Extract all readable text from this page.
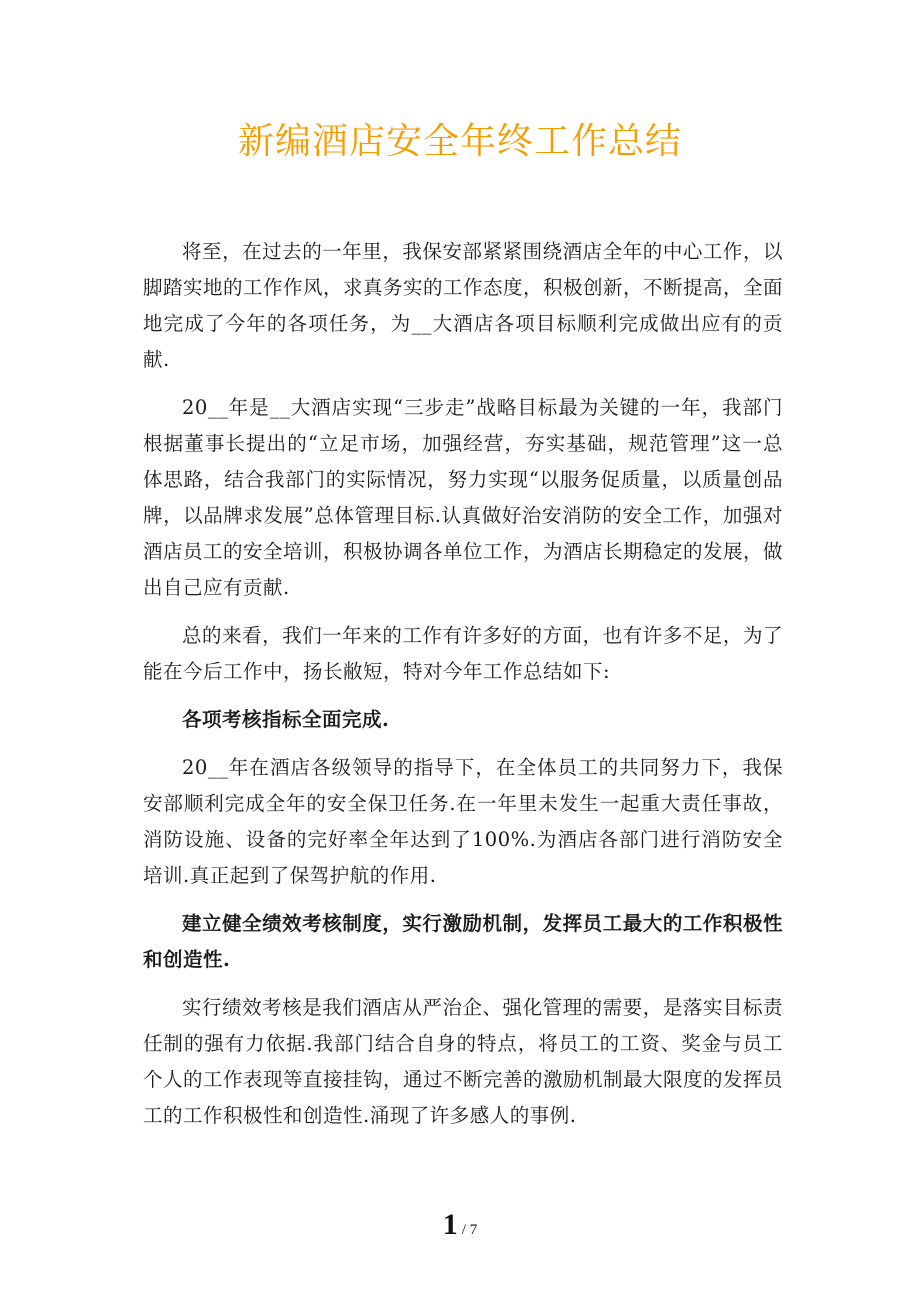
新编酒店安全年终工作总结

将至，在过去的一年里，我保安部紧紧围绕酒店全年的中心工作，以脚踏实地的工作作风，求真务实的工作态度，积极创新，不断提高，全面地完成了今年的各项任务，为__大酒店各项目标顺利完成做出应有的贡献.

20__年是__大酒店实现“三步走”战略目标最为关键的一年，我部门根据董事长提出的“立足市场，加强经营，夯实基础，规范管理”这一总体思路，结合我部门的实际情况，努力实现“以服务促质量，以质量创品牌，以品牌求发展”总体管理目标.认真做好治安消防的安全工作，加强对酒店员工的安全培训，积极协调各单位工作，为酒店长期稳定的发展，做出自己应有贡献.

总的来看，我们一年来的工作有许多好的方面，也有许多不足，为了能在今后工作中，扬长敝短，特对今年工作总结如下:

各项考核指标全面完成.

20__年在酒店各级领导的指导下，在全体员工的共同努力下，我保安部顺利完成全年的安全保卫任务.在一年里未发生一起重大责任事故，消防设施、设备的完好率全年达到了100%.为酒店各部门进行消防安全培训.真正起到了保驾护航的作用.

建立健全绩效考核制度，实行激励机制，发挥员工最大的工作积极性和创造性.

实行绩效考核是我们酒店从严治企、强化管理的需要，是落实目标责任制的强有力依据.我部门结合自身的特点，将员工的工资、奖金与员工个人的工作表现等直接挂钩，通过不断完善的激励机制最大限度的发挥员工的工作积极性和创造性.涌现了许多感人的事例.

1 / 7
